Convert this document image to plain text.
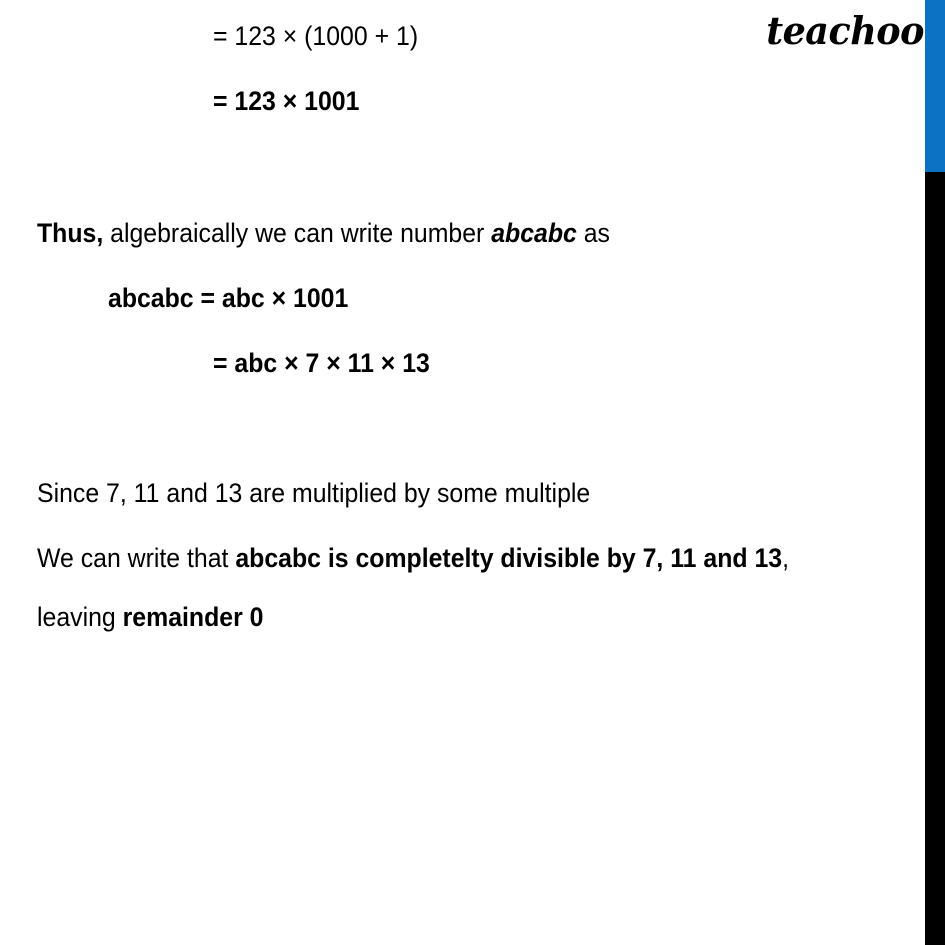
teachoo
= 123 × (1000 + 1)
= 123 × 1001
Thus, algebraically we can write number abcabc as
abcabc = abc × 1001
= abc × 7 × 11 × 13
Since 7, 11 and 13 are multiplied by some multiple
We can write that abcabc is completelty divisible by 7, 11 and 13,
leaving remainder 0
